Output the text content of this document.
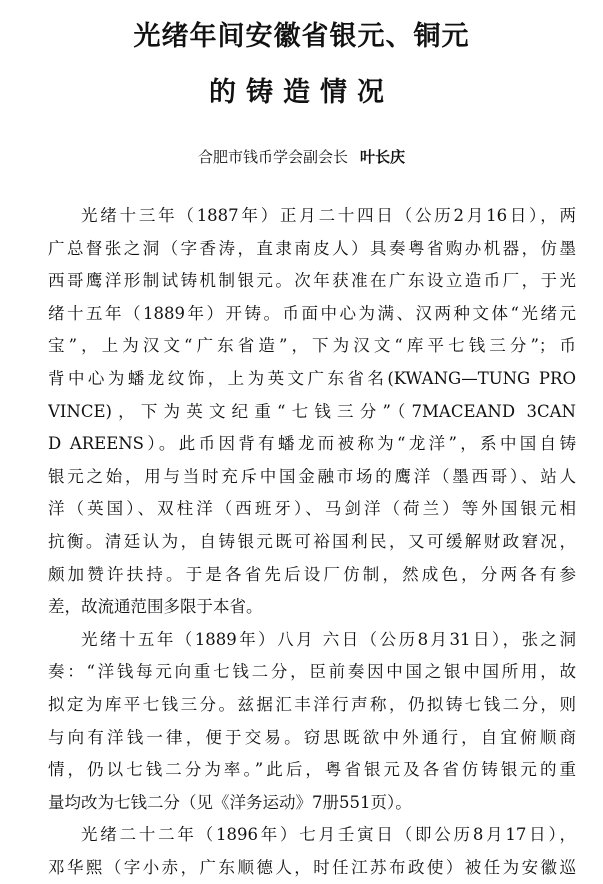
光绪年间安徽省银元、铜元
的铸造情况
合肥市钱币学会副会长 叶长庆
光绪十三年（1887年）正月二十四日（公历2月16日），两
广总督张之洞（字香涛，直隶南皮人）具奏粤省购办机器，仿墨
西哥鹰洋形制试铸机制银元。次年获准在广东设立造币厂，于光
绪十五年（1889年）开铸。币面中心为满、汉两种文体“光绪元
宝”，上为汉文“广东省造”，下为汉文“库平七钱三分”；币
背中心为蟠龙纹饰，上为英文广东省名(KWANG—TUNG PRO
VINCE)，下为英文纪重“七钱三分”（7MACEAND 3CAN
D AREENS）。此币因背有蟠龙而被称为“龙洋”，系中国自铸
银元之始，用与当时充斥中国金融市场的鹰洋（墨西哥）、站人
洋（英国）、双柱洋（西班牙）、马剑洋（荷兰）等外国银元相
抗衡。清廷认为，自铸银元既可裕国利民，又可缓解财政窘况，
颇加赞许扶持。于是各省先后设厂仿制，然成色，分两各有参
差，故流通范围多限于本省。
光绪十五年（1889年）八月 六日（公历8月31日），张之洞
奏：“洋钱每元向重七钱二分，臣前奏因中国之银中国所用，故
拟定为库平七钱三分。兹据汇丰洋行声称，仍拟铸七钱二分，则
与向有洋钱一律，便于交易。窃思既欲中外通行，自宜俯顺商
情，仍以七钱二分为率。”此后，粤省银元及各省仿铸银元的重
量均改为七钱二分（见《洋务运动》7册551页）。
光绪二十二年（1896年）七月壬寅日（即公历8月17日），
邓华熙（字小赤，广东顺德人，时任江苏布政使）被任为安徽巡
